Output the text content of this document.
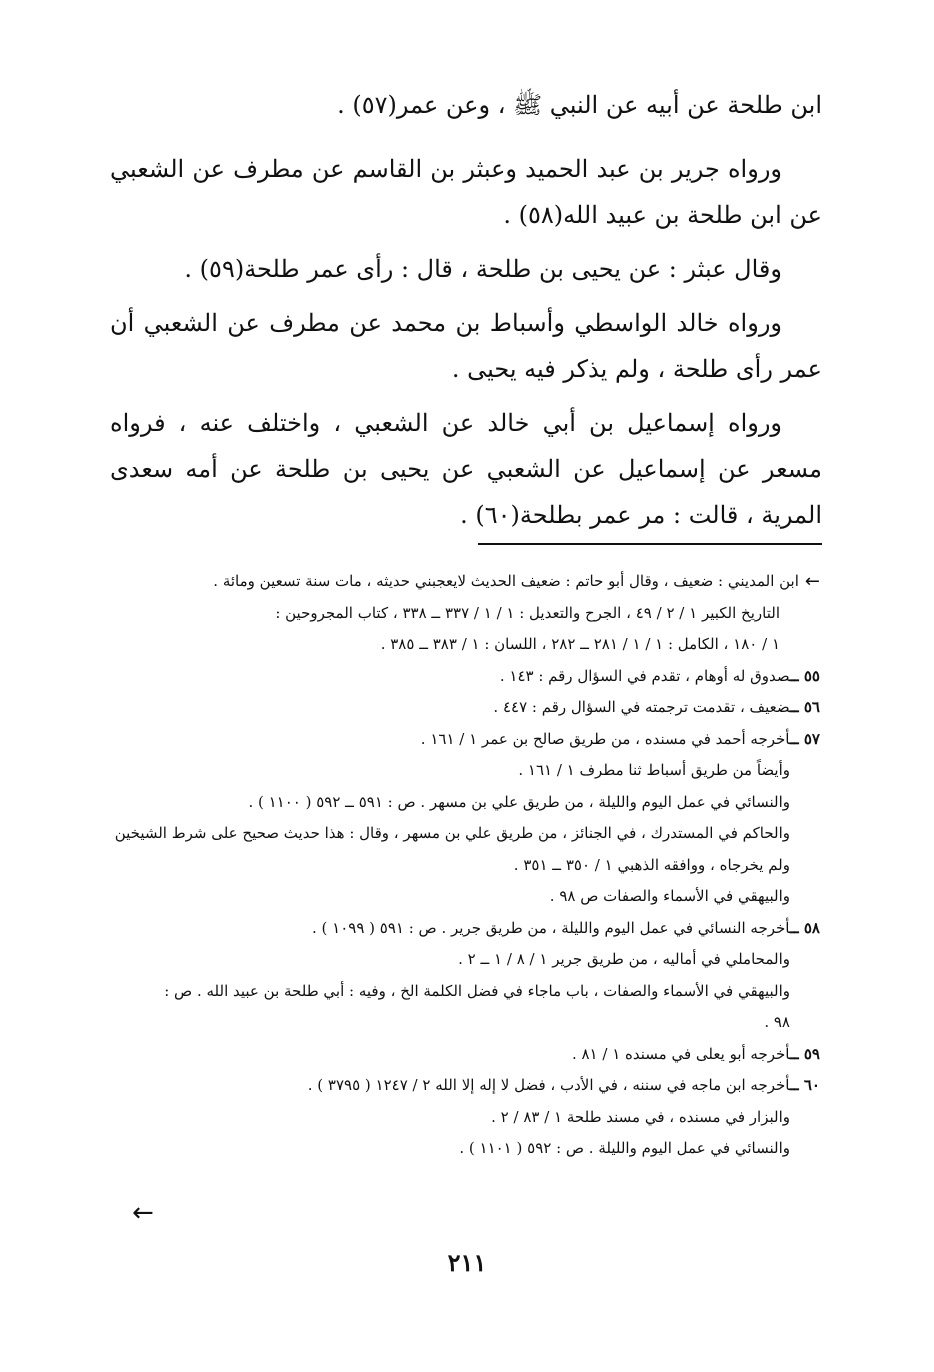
ابن طلحة عن أبيه عن النبي ﷺ ، وعن عمر(٥٧) .

ورواه جرير بن عبد الحميد وعبثر بن القاسم عن مطرف عن الشعبي عن ابن طلحة بن عبيد الله(٥٨) .

وقال عبثر : عن يحيى بن طلحة ، قال : رأى عمر طلحة(٥٩) .

ورواه خالد الواسطي وأسباط بن محمد عن مطرف عن الشعبي أن عمر رأى طلحة ، ولم يذكر فيه يحيى .

ورواه إسماعيل بن أبي خالد عن الشعبي ، واختلف عنه ، فرواه مسعر عن إسماعيل عن الشعبي عن يحيى بن طلحة عن أمه سعدى المرية ، قالت : مر عمر بطلحة(٦٠) .

←ابن المديني : ضعيف ، وقال أبو حاتم : ضعيف الحديث لايعجبني حديثه ، مات سنة تسعين ومائة .
التاريخ الكبير ١ / ٢ / ٤٩ ، الجرح والتعديل : ١ / ١ / ٣٣٧ ــ ٣٣٨ ، كتاب المجروحين :
١ / ١٨٠ ، الكامل : ١ / ١ / ٢٨١ ــ ٢٨٢ ، اللسان : ١ / ٣٨٣ ــ ٣٨٥ .
٥٥ ــصدوق له أوهام ، تقدم في السؤال رقم : ١٤٣ .
٥٦ ــضعيف ، تقدمت ترجمته في السؤال رقم : ٤٤٧ .
٥٧ ــأخرجه أحمد في مسنده ، من طريق صالح بن عمر ١ / ١٦١ .
وأيضاً من طريق أسباط ثنا مطرف ١ / ١٦١ .
والنسائي في عمل اليوم والليلة ، من طريق علي بن مسهر . ص : ٥٩١ ــ ٥٩٢ ( ١١٠٠ ) .
والحاكم في المستدرك ، في الجنائز ، من طريق علي بن مسهر ، وقال : هذا حديث صحيح على شرط الشيخين
ولم يخرجاه ، ووافقه الذهبي ١ / ٣٥٠ ــ ٣٥١ .
والبيهقي في الأسماء والصفات ص ٩٨ .
٥٨ ــأخرجه النسائي في عمل اليوم والليلة ، من طريق جرير . ص : ٥٩١ ( ١٠٩٩ ) .
والمحاملي في أماليه ، من طريق جرير ١ / ٨ / ١ ــ ٢ .
والبيهقي في الأسماء والصفات ، باب ماجاء في فضل الكلمة الخ ، وفيه : أبي طلحة بن عبيد الله . ص :
٩٨ .
٥٩ ــأخرجه أبو يعلى في مسنده ١ / ٨١ .
٦٠ ــأخرجه ابن ماجه في سننه ، في الأدب ، فضل لا إله إلا الله ٢ / ١٢٤٧ ( ٣٧٩٥ ) .
والبزار في مسنده ، في مسند طلحة ١ / ٨٣ / ٢ .
والنسائي في عمل اليوم والليلة . ص : ٥٩٢ ( ١١٠١ ) .
←
٢١١
